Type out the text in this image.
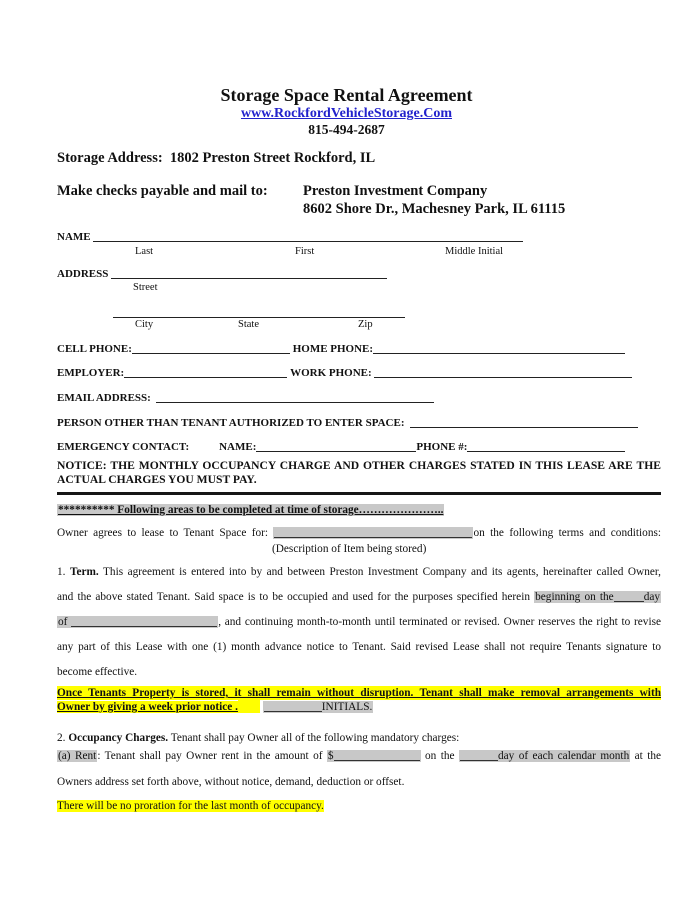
Storage Space Rental Agreement
www.RockfordVehicleStorage.Com
815-494-2687
Storage Address: 1802 Preston Street Rockford, IL
Make checks payable and mail to: Preston Investment Company
8602 Shore Dr., Machesney Park, IL 61115
NAME
Last	First	Middle Initial
ADDRESS
Street
City	State	Zip
CELL PHONE:	HOME PHONE:
EMPLOYER:	WORK PHONE:
EMAIL ADDRESS:
PERSON OTHER THAN TENANT AUTHORIZED TO ENTER SPACE:
EMERGENCY CONTACT:	NAME:	PHONE #:
NOTICE: THE MONTHLY OCCUPANCY CHARGE AND OTHER CHARGES STATED IN THIS LEASE ARE THE
ACTUAL CHARGES YOU MUST PAY.
********** Following areas to be completed at time of storage…………………..
Owner agrees to lease to Tenant Space for:	on the following terms and conditions:
(Description of Item being stored)
1. Term. This agreement is entered into by and between Preston Investment Company and its agents, hereinafter called Owner,
and the above stated Tenant. Said space is to be occupied and used for the purposes specified herein beginning on the	day
of	, and continuing month-to-month until terminated or revised. Owner reserves the right to revise
any part of this Lease with one (1) month advance notice to Tenant. Said revised Lease shall not require Tenants signature to
become effective.
Once Tenants Property is stored, it shall remain without disruption. Tenant shall make removal arrangements with
Owner by giving a week prior notice .	INITIALS.
2. Occupancy Charges. Tenant shall pay Owner all of the following mandatory charges:
(a) Rent: Tenant shall pay Owner rent in the amount of $	on the	day of each calendar month at the
Owners address set forth above, without notice, demand, deduction or offset.
There will be no proration for the last month of occupancy.
